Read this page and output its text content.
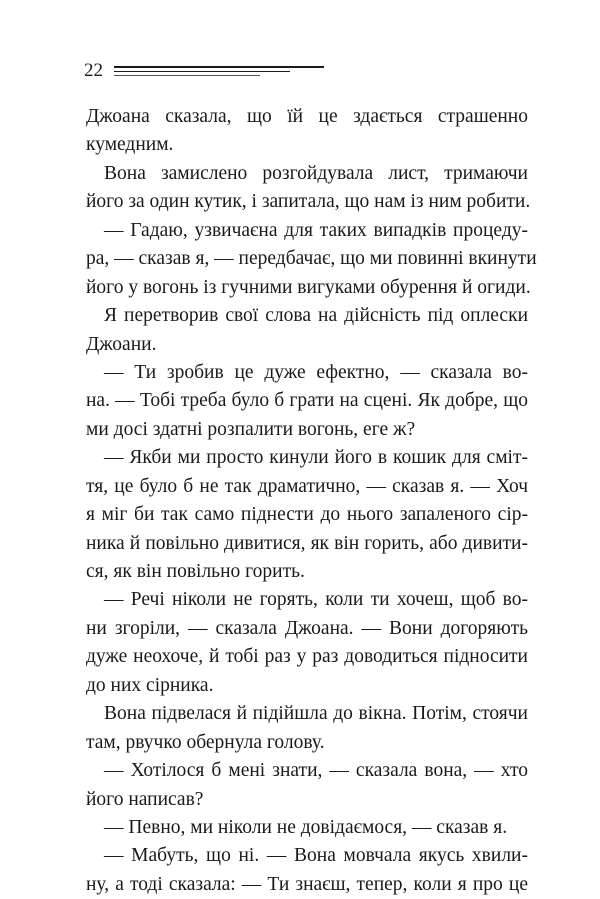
22
Джоана сказала, що їй це здається страшенно
кумедним.
Вона замислено розгойдувала лист, тримаючи
його за один кутик, і запитала, що нам із ним робити.
— Гадаю, узвичаєна для таких випадків процеду-
ра, — сказав я, — передбачає, що ми повинні вкинути
його у вогонь із гучними вигуками обурення й огиди.
Я перетворив свої слова на дійсність під оплески
Джоани.
— Ти зробив це дуже ефектно, — сказала во-
на. — Тобі треба було б грати на сцені. Як добре, що
ми досі здатні розпалити вогонь, еге ж?
— Якби ми просто кинули його в кошик для сміт-
тя, це було б не так драматично, — сказав я. — Хоч
я міг би так само піднести до нього запаленого сір-
ника й повільно дивитися, як він горить, або дивити-
ся, як він повільно горить.
— Речі ніколи не горять, коли ти хочеш, щоб во-
ни згоріли, — сказала Джоана. — Вони догоряють
дуже неохоче, й тобі раз у раз доводиться підносити
до них сірника.
Вона підвелася й підійшла до вікна. Потім, стоячи
там, рвучко обернула голову.
— Хотілося б мені знати, — сказала вона, — хто
його написав?
— Певно, ми ніколи не довідаємося, — сказав я.
— Мабуть, що ні. — Вона мовчала якусь хвили-
ну, а тоді сказала: — Ти знаєш, тепер, коли я про це
